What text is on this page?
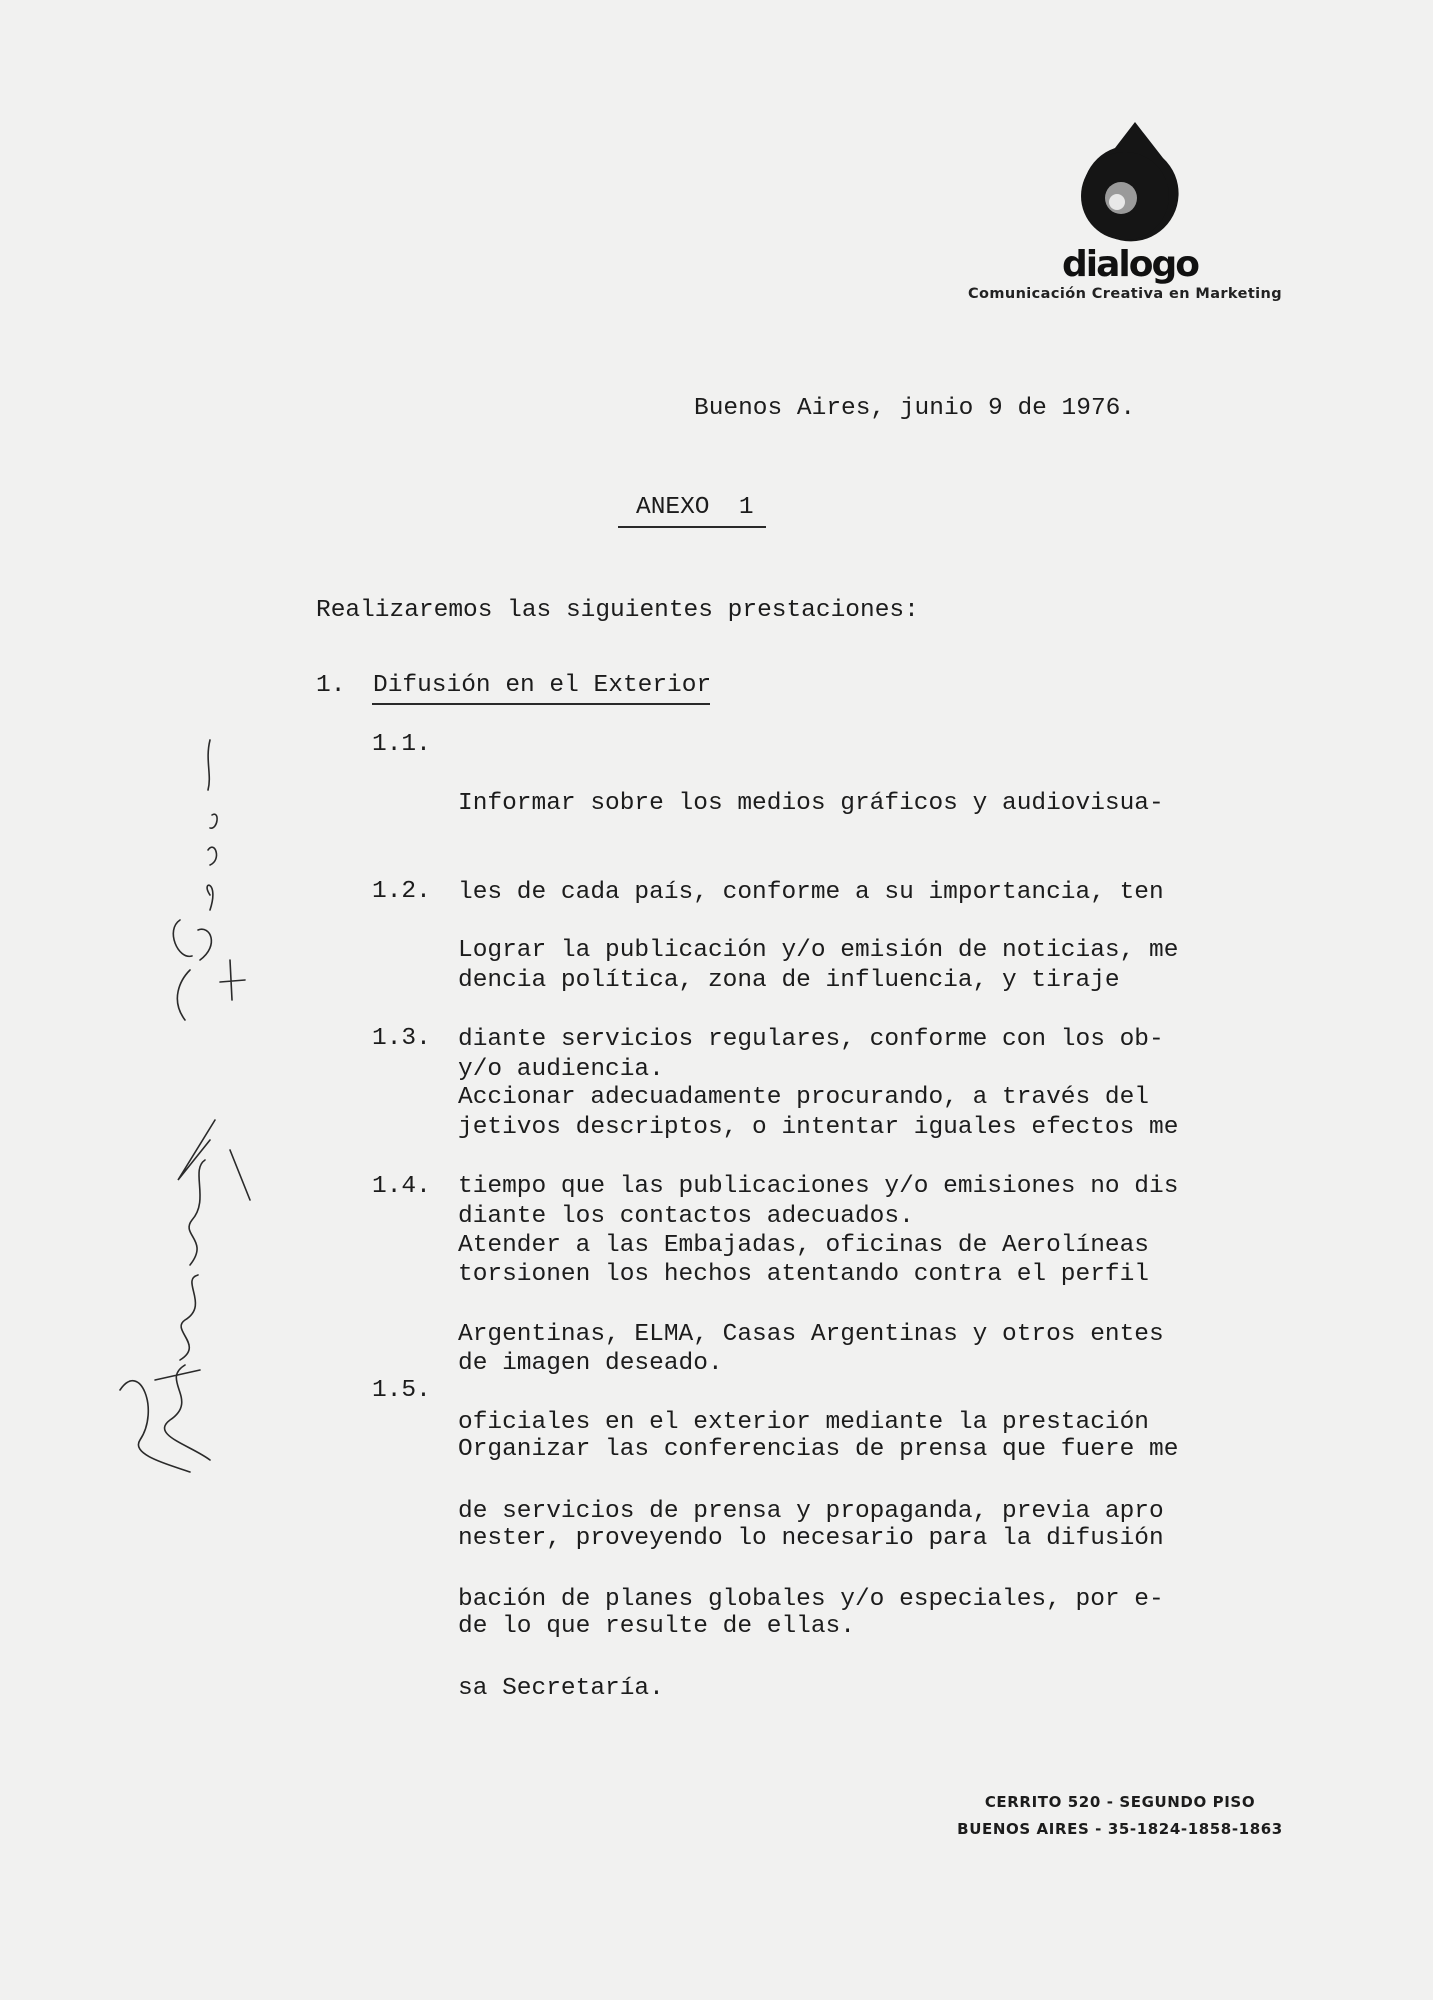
dialogo
Comunicación Creativa en Marketing
Buenos Aires, junio 9 de 1976.
ANEXO  1
Realizaremos las siguientes prestaciones:
1. Difusión en el Exterior
1.1.

Informar sobre los medios gráficos y audiovisua-

les de cada país, conforme a su importancia, ten

dencia política, zona de influencia, y tiraje

y/o audiencia.

1.2.

Lograr la publicación y/o emisión de noticias, me

diante servicios regulares, conforme con los ob-

jetivos descriptos, o intentar iguales efectos me

diante los contactos adecuados.

1.3.

Accionar adecuadamente procurando, a través del

tiempo que las publicaciones y/o emisiones no dis

torsionen los hechos atentando contra el perfil

de imagen deseado.

1.4.

Atender a las Embajadas, oficinas de Aerolíneas

Argentinas, ELMA, Casas Argentinas y otros entes

oficiales en el exterior mediante la prestación

de servicios de prensa y propaganda, previa apro

bación de planes globales y/o especiales, por e-

sa Secretaría.

1.5.

Organizar las conferencias de prensa que fuere me

nester, proveyendo lo necesario para la difusión

de lo que resulte de ellas.

CERRITO 520 - SEGUNDO PISO
BUENOS AIRES - 35-1824-1858-1863
